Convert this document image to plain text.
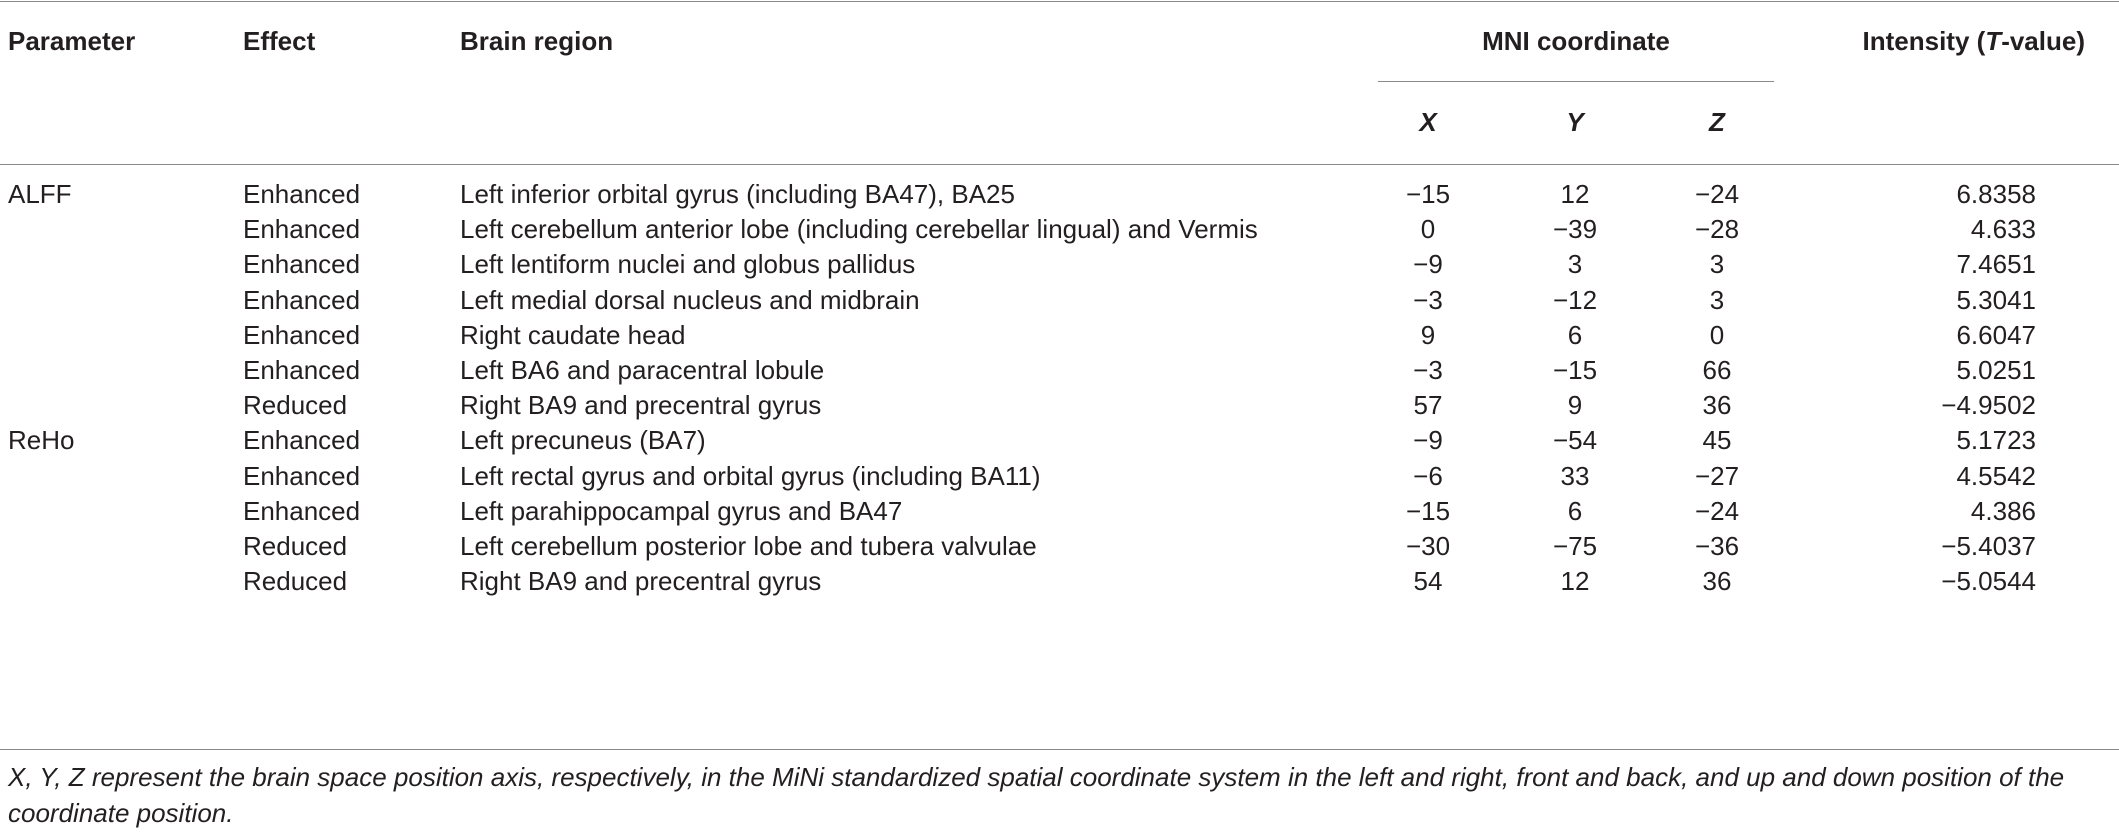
Parameter	Effect	Brain region	MNI coordinate	Intensity (T-value)
X	Y	Z
ALFF	Enhanced	Left inferior orbital gyrus (including BA47), BA25	−15	12	−24	6.8358
Enhanced	Left cerebellum anterior lobe (including cerebellar lingual) and Vermis	0	−39	−28	4.633
Enhanced	Left lentiform nuclei and globus pallidus	−9	3	3	7.4651
Enhanced	Left medial dorsal nucleus and midbrain	−3	−12	3	5.3041
Enhanced	Right caudate head	9	6	0	6.6047
Enhanced	Left BA6 and paracentral lobule	−3	−15	66	5.0251
Reduced	Right BA9 and precentral gyrus	57	9	36	−4.9502
ReHo	Enhanced	Left precuneus (BA7)	−9	−54	45	5.1723
Enhanced	Left rectal gyrus and orbital gyrus (including BA11)	−6	33	−27	4.5542
Enhanced	Left parahippocampal gyrus and BA47	−15	6	−24	4.386
Reduced	Left cerebellum posterior lobe and tubera valvulae	−30	−75	−36	−5.4037
Reduced	Right BA9 and precentral gyrus	54	12	36	−5.0544
X, Y, Z represent the brain space position axis, respectively, in the MiNi standardized spatial coordinate system in the left and right, front and back, and up and down position of the coordinate position.
